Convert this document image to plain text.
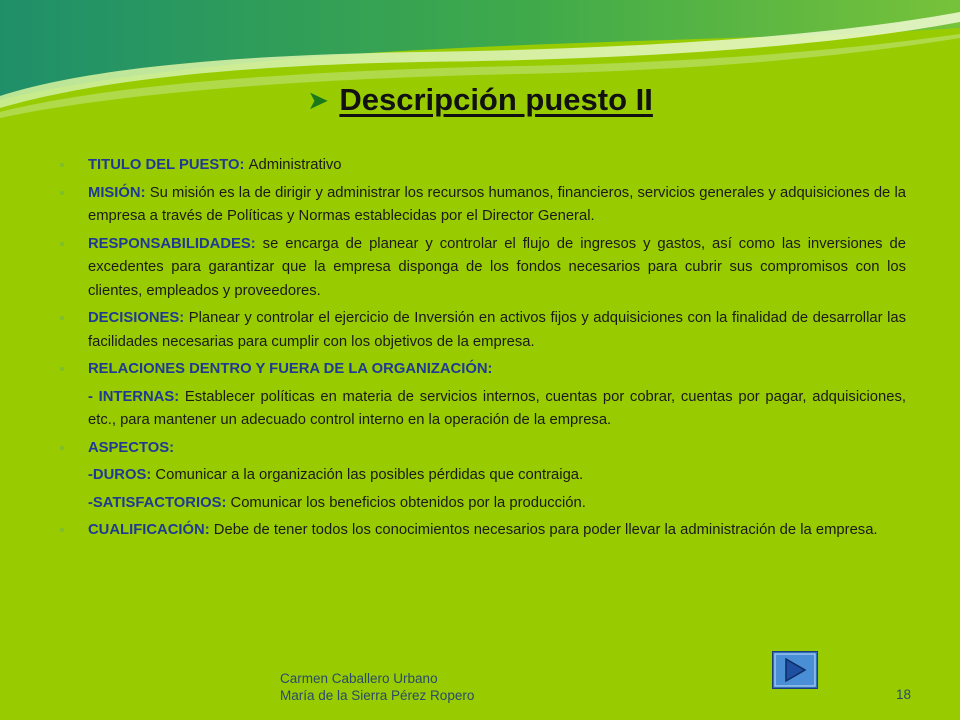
➤ Descripción puesto II
TITULO DEL PUESTO: Administrativo
MISIÓN: Su misión es la de dirigir y administrar los recursos humanos, financieros, servicios generales y adquisiciones de la empresa a través de Políticas y Normas establecidas por el Director General.
RESPONSABILIDADES: se encarga de planear y controlar el flujo de ingresos y gastos, así como las inversiones de excedentes para garantizar que la empresa disponga de los fondos necesarios para cubrir sus compromisos con los clientes, empleados y proveedores.
DECISIONES: Planear y controlar el ejercicio de Inversión en activos fijos y adquisiciones con la finalidad de desarrollar las facilidades necesarias para cumplir con los objetivos de la empresa.
RELACIONES DENTRO Y FUERA DE LA ORGANIZACIÓN:
- INTERNAS: Establecer políticas en materia de servicios internos, cuentas por cobrar, cuentas por pagar, adquisiciones, etc., para mantener un adecuado control interno en la operación de la empresa.
ASPECTOS:
-DUROS: Comunicar a la organización las posibles pérdidas que contraiga.
-SATISFACTORIOS: Comunicar los beneficios obtenidos por la producción.
CUALIFICACIÓN: Debe de tener todos los conocimientos necesarios para poder llevar la administración de la empresa.
Carmen Caballero Urbano
María de la Sierra Pérez Ropero	18
